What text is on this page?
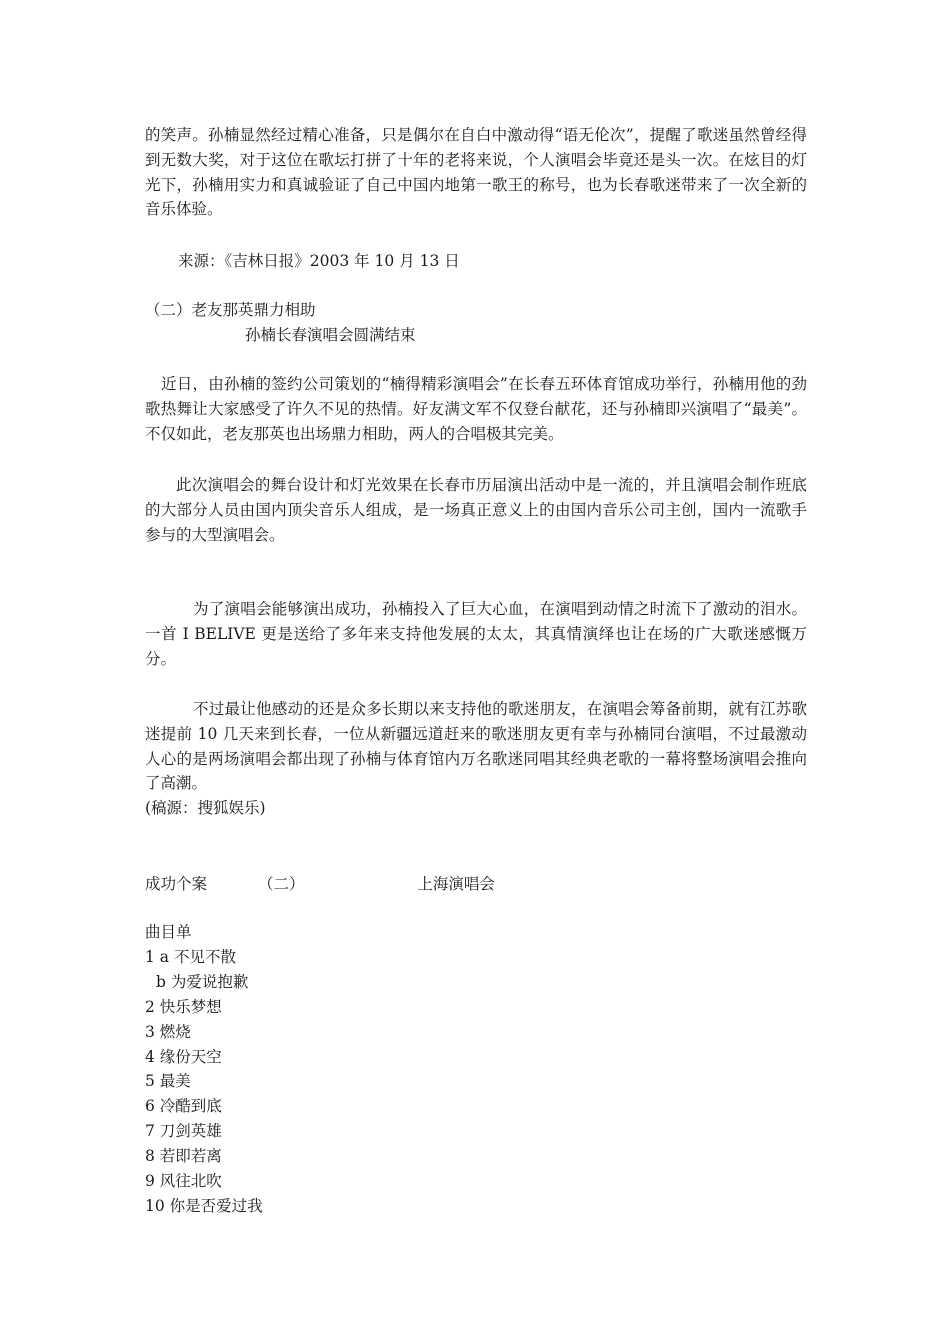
的笑声。孙楠显然经过精心准备，只是偶尔在自白中激动得“语无伦次”，提醒了歌迷虽然曾经得到无数大奖，对于这位在歌坛打拼了十年的老将来说，个人演唱会毕竟还是头一次。在炫目的灯光下，孙楠用实力和真诚验证了自己中国内地第一歌王的称号，也为长春歌迷带来了一次全新的音乐体验。

来源：《吉林日报》2003 年 10 月 13 日

（二）老友那英鼎力相助

孙楠长春演唱会圆满结束

近日，由孙楠的签约公司策划的“楠得精彩演唱会”在长春五环体育馆成功举行，孙楠用他的劲歌热舞让大家感受了许久不见的热情。好友满文军不仅登台献花，还与孙楠即兴演唱了“最美”。不仅如此，老友那英也出场鼎力相助，两人的合唱极其完美。

此次演唱会的舞台设计和灯光效果在长春市历届演出活动中是一流的，并且演唱会制作班底的大部分人员由国内顶尖音乐人组成，是一场真正意义上的由国内音乐公司主创，国内一流歌手参与的大型演唱会。

为了演唱会能够演出成功，孙楠投入了巨大心血，在演唱到动情之时流下了激动的泪水。一首 I BELIVE 更是送给了多年来支持他发展的太太，其真情演绎也让在场的广大歌迷感慨万分。

不过最让他感动的还是众多长期以来支持他的歌迷朋友，在演唱会筹备前期，就有江苏歌迷提前 10 几天来到长春，一位从新疆远道赶来的歌迷朋友更有幸与孙楠同台演唱，不过最激动人心的是两场演唱会都出现了孙楠与体育馆内万名歌迷同唱其经典老歌的一幕将整场演唱会推向了高潮。

(稿源：搜狐娱乐)

成功个案	（二）	上海演唱会
曲目单
1 a 不见不散
b 为爱说抱歉
2 快乐梦想
3 燃烧
4 缘份天空
5 最美
6 冷酷到底
7 刀剑英雄
8 若即若离
9 风往北吹
10 你是否爱过我
